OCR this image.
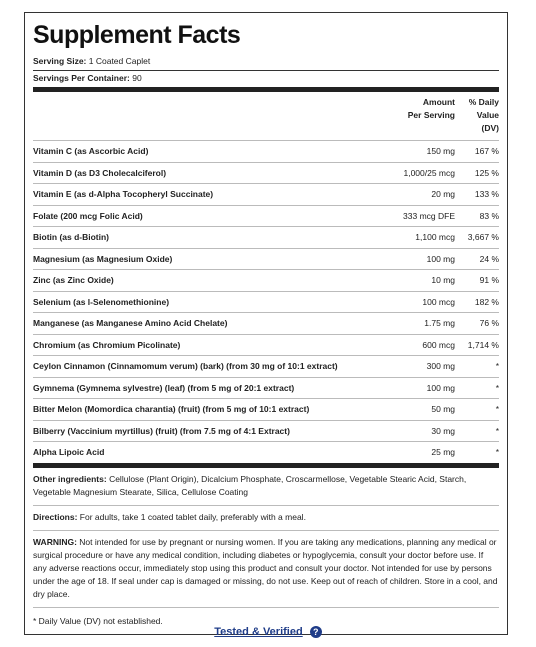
Supplement Facts
Serving Size: 1 Coated Caplet
Servings Per Container: 90
Amount
Per Serving
% Daily
Value
(DV)
Vitamin C (as Ascorbic Acid)	150 mg	167 %
Vitamin D (as D3 Cholecalciferol)	1,000/25 mcg	125 %
Vitamin E (as d-Alpha Tocopheryl Succinate)	20 mg	133 %
Folate (200 mcg Folic Acid)	333 mcg DFE	83 %
Biotin (as d-Biotin)	1,100 mcg	3,667 %
Magnesium (as Magnesium Oxide)	100 mg	24 %
Zinc (as Zinc Oxide)	10 mg	91 %
Selenium (as l-Selenomethionine)	100 mcg	182 %
Manganese (as Manganese Amino Acid Chelate)	1.75 mg	76 %
Chromium (as Chromium Picolinate)	600 mcg	1,714 %
Ceylon Cinnamon (Cinnamomum verum) (bark) (from 30 mg of 10:1 extract)	300 mg	*
Gymnema (Gymnema sylvestre) (leaf) (from 5 mg of 20:1 extract)	100 mg	*
Bitter Melon (Momordica charantia) (fruit) (from 5 mg of 10:1 extract)	50 mg	*
Bilberry (Vaccinium myrtillus) (fruit) (from 7.5 mg of 4:1 Extract)	30 mg	*
Alpha Lipoic Acid	25 mg	*
Other ingredients: Cellulose (Plant Origin), Dicalcium Phosphate, Croscarmellose, Vegetable Stearic Acid, Starch, Vegetable Magnesium Stearate, Silica, Cellulose Coating
Directions: For adults, take 1 coated tablet daily, preferably with a meal.
WARNING: Not intended for use by pregnant or nursing women. If you are taking any medications, planning any medical or surgical procedure or have any medical condition, including diabetes or hypoglycemia, consult your doctor before use. If any adverse reactions occur, immediately stop using this product and consult your doctor. Not intended for use by persons under the age of 18. If seal under cap is damaged or missing, do not use. Keep out of reach of children. Store in a cool, and dry place.
* Daily Value (DV) not established.
Tested & Verified ?
